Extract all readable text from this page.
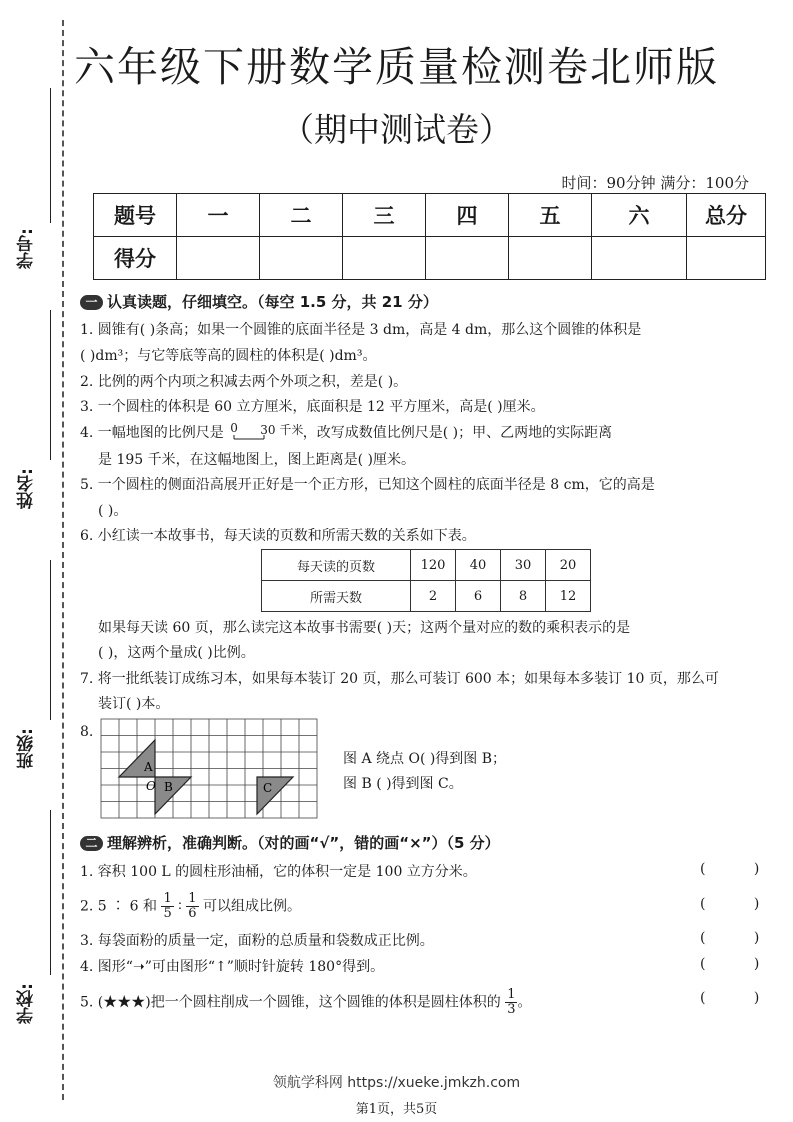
学号:
姓名:
班级:
学校:
六年级下册数学质量检测卷北师版
（期中测试卷）
时间：90分钟 满分：100分
题号	一	二	三	四	五	六	总分
得分							
一 认真读题，仔细填空。（每空 1.5 分，共 21 分）
1. 圆锥有( )条高；如果一个圆锥的底面半径是 3 dm，高是 4 dm，那么这个圆锥的体积是
( )dm³；与它等底等高的圆柱的体积是( )dm³。
2. 比例的两个内项之积减去两个外项之积，差是( )。
3. 一个圆柱的体积是 60 立方厘米，底面积是 12 平方厘米，高是( )厘米。
4. 一幅地图的比例尺是 0 30 千米 ，改写成数值比例尺是( )；甲、乙两地的实际距离
是 195 千米，在这幅地图上，图上距离是( )厘米。
5. 一个圆柱的侧面沿高展开正好是一个正方形，已知这个圆柱的底面半径是 8 cm，它的高是
( )。
6. 小红读一本故事书，每天读的页数和所需天数的关系如下表。
每天读的页数	120	40	30	20
所需天数	2	6	8	12
如果每天读 60 页，那么读完这本故事书需要( )天；这两个量对应的数的乘积表示的是
( )，这两个量成( )比例。
7. 将一批纸装订成练习本，如果每本装订 20 页，那么可装订 600 本；如果每本多装订 10 页，那么可
装订( )本。
8.
A
O B	C
图 A 绕点 O( )得到图 B；
图 B ( )得到图 C。
二 理解辨析，准确判断。（对的画“√”，错的画“×”）（5 分）
1. 容积 100 L 的圆柱形油桶，它的体积一定是 100 立方分米。	( )
2. 5 ∶ 6 和 $\frac{1}{5}$ ∶ $\frac{1}{6}$ 可以组成比例。	( )
3. 每袋面粉的质量一定，面粉的总质量和袋数成正比例。	( )
4. 图形“➝”可由图形“↑”顺时针旋转 180°得到。	( )
5. (★★★)把一个圆柱削成一个圆锥，这个圆锥的体积是圆柱体积的 $\frac{1}{3}$ 。	( )
领航学科网 https://xueke.jmkzh.com
第1页，共5页
